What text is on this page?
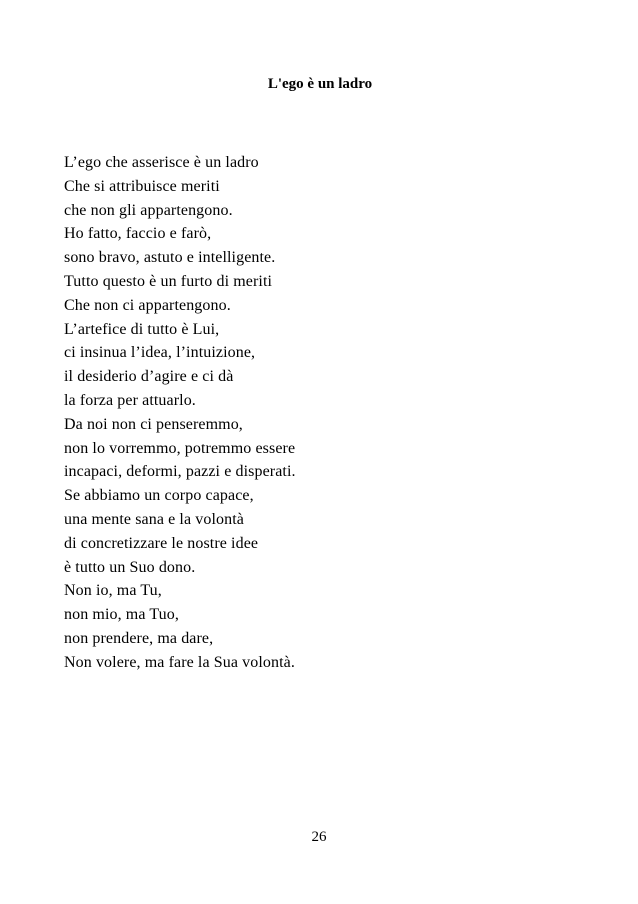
L'ego è un ladro
L’ego che asserisce è un ladro
Che si attribuisce meriti
che non gli appartengono.
Ho fatto, faccio e farò,
sono bravo, astuto e intelligente.
Tutto questo è un furto di meriti
Che non ci appartengono.
L’artefice di tutto è Lui,
ci insinua l’idea, l’intuizione,
il desiderio d’agire e ci dà
la forza per attuarlo.
Da noi non ci penseremmo,
non lo vorremmo, potremmo essere
incapaci, deformi, pazzi e disperati.
Se abbiamo un corpo capace,
una mente sana e la volontà
di concretizzare le nostre idee
è tutto un Suo dono.
Non io, ma Tu,
non mio, ma Tuo,
non prendere, ma dare,
Non volere, ma fare la Sua volontà.
26
